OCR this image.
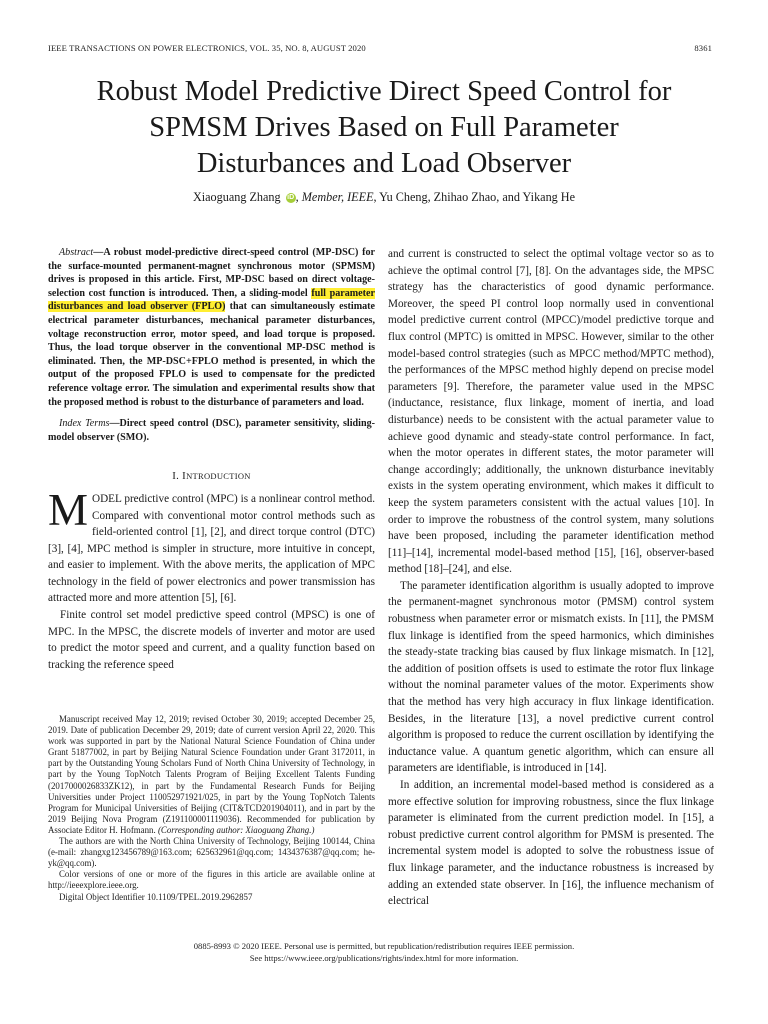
IEEE TRANSACTIONS ON POWER ELECTRONICS, VOL. 35, NO. 8, AUGUST 2020	8361
Robust Model Predictive Direct Speed Control for
SPMSM Drives Based on Full Parameter
Disturbances and Load Observer
Xiaoguang Zhang iD , Member, IEEE, Yu Cheng, Zhihao Zhao, and Yikang He

Abstract—A robust model-predictive direct-speed control (MP-DSC) for the surface-mounted permanent-magnet synchronous motor (SPMSM) drives is proposed in this article. First, MP-DSC based on direct voltage-selection cost function is introduced. Then, a sliding-model full parameter disturbances and load observer (FPLO) that can simultaneously estimate electrical parameter disturbances, mechanical parameter disturbances, voltage reconstruction error, motor speed, and load torque is proposed. Thus, the load torque observer in the conventional MP-DSC method is eliminated. Then, the MP-DSC+FPLO method is presented, in which the output of the proposed FPLO is used to compensate for the predicted reference voltage error. The simulation and experimental results show that the proposed method is robust to the disturbance of parameters and load.

Index Terms—Direct speed control (DSC), parameter sensitivity, sliding-model observer (SMO).

I. INTRODUCTION

MODEL predictive control (MPC) is a nonlinear control method. Compared with conventional motor control methods such as field-oriented control [1], [2], and direct torque control (DTC) [3], [4], MPC method is simpler in structure, more intuitive in concept, and easier to implement. With the above merits, the application of MPC technology in the field of power electronics and power transmission has attracted more and more attention [5], [6].

Finite control set model predictive speed control (MPSC) is one of MPC. In the MPSC, the discrete models of inverter and motor are used to predict the motor speed and current, and a quality function based on tracking the reference speed

Manuscript received May 12, 2019; revised October 30, 2019; accepted December 25, 2019. Date of publication December 29, 2019; date of current version April 22, 2020. This work was supported in part by the National Natural Science Foundation of China under Grant 51877002, in part by Beijing Natural Science Foundation under Grant 3172011, in part by the Outstanding Young Scholars Fund of North China University of Technology, in part by the Young TopNotch Talents Program of Beijing Excellent Talents Funding (2017000026833ZK12), in part by the Fundamental Research Funds for Beijing Universities under Project 110052971921/025, in part by the Young TopNotch Talents Program for Municipal Universities of Beijing (CIT&TCD201904011), and in part by the 2019 Beijing Nova Program (Z191100001119036). Recommended for publication by Associate Editor H. Hofmann. (Corresponding author: Xiaoguang Zhang.)

The authors are with the North China University of Technology, Beijing 100144, China (e-mail: zhangxg123456789@163.com; 625632961@qq.com; 1434376387@qq.com; he-yk@qq.com).

Color versions of one or more of the figures in this article are available online at http://ieeexplore.ieee.org.

Digital Object Identifier 10.1109/TPEL.2019.2962857

and current is constructed to select the optimal voltage vector so as to achieve the optimal control [7], [8]. On the advantages side, the MPSC strategy has the characteristics of good dynamic performance. Moreover, the speed PI control loop normally used in conventional model predictive current control (MPCC)/model predictive torque and flux control (MPTC) is omitted in MPSC. However, similar to the other model-based control strategies (such as MPCC method/MPTC method), the performances of the MPSC method highly depend on precise model parameters [9]. Therefore, the parameter value used in the MPSC (inductance, resistance, flux linkage, moment of inertia, and load disturbance) needs to be consistent with the actual parameter value to achieve good dynamic and steady-state control performance. In fact, when the motor operates in different states, the motor parameter will change accordingly; additionally, the unknown disturbance inevitably exists in the system operating environment, which makes it difficult to keep the system parameters consistent with the actual values [10]. In order to improve the robustness of the control system, many solutions have been proposed, including the parameter identification method [11]–[14], incremental model-based method [15], [16], observer-based method [18]–[24], and else.

The parameter identification algorithm is usually adopted to improve the permanent-magnet synchronous motor (PMSM) control system robustness when parameter error or mismatch exists. In [11], the PMSM flux linkage is identified from the speed harmonics, which diminishes the steady-state tracking bias caused by flux linkage mismatch. In [12], the addition of position offsets is used to estimate the rotor flux linkage without the nominal parameter values of the motor. Experiments show that the method has very high accuracy in flux linkage identification. Besides, in the literature [13], a novel predictive current control algorithm is proposed to reduce the current oscillation by identifying the inductance value. A quantum genetic algorithm, which can ensure all parameters are identifiable, is introduced in [14].

In addition, an incremental model-based method is considered as a more effective solution for improving robustness, since the flux linkage parameter is eliminated from the current prediction model. In [15], a robust predictive current control algorithm for PMSM is presented. The incremental system model is adopted to solve the robustness issue of flux linkage parameter, and the inductance robustness is increased by adding an extended state observer. In [16], the influence mechanism of electrical

0885-8993 © 2020 IEEE. Personal use is permitted, but republication/redistribution requires IEEE permission.
See https://www.ieee.org/publications/rights/index.html for more information.
